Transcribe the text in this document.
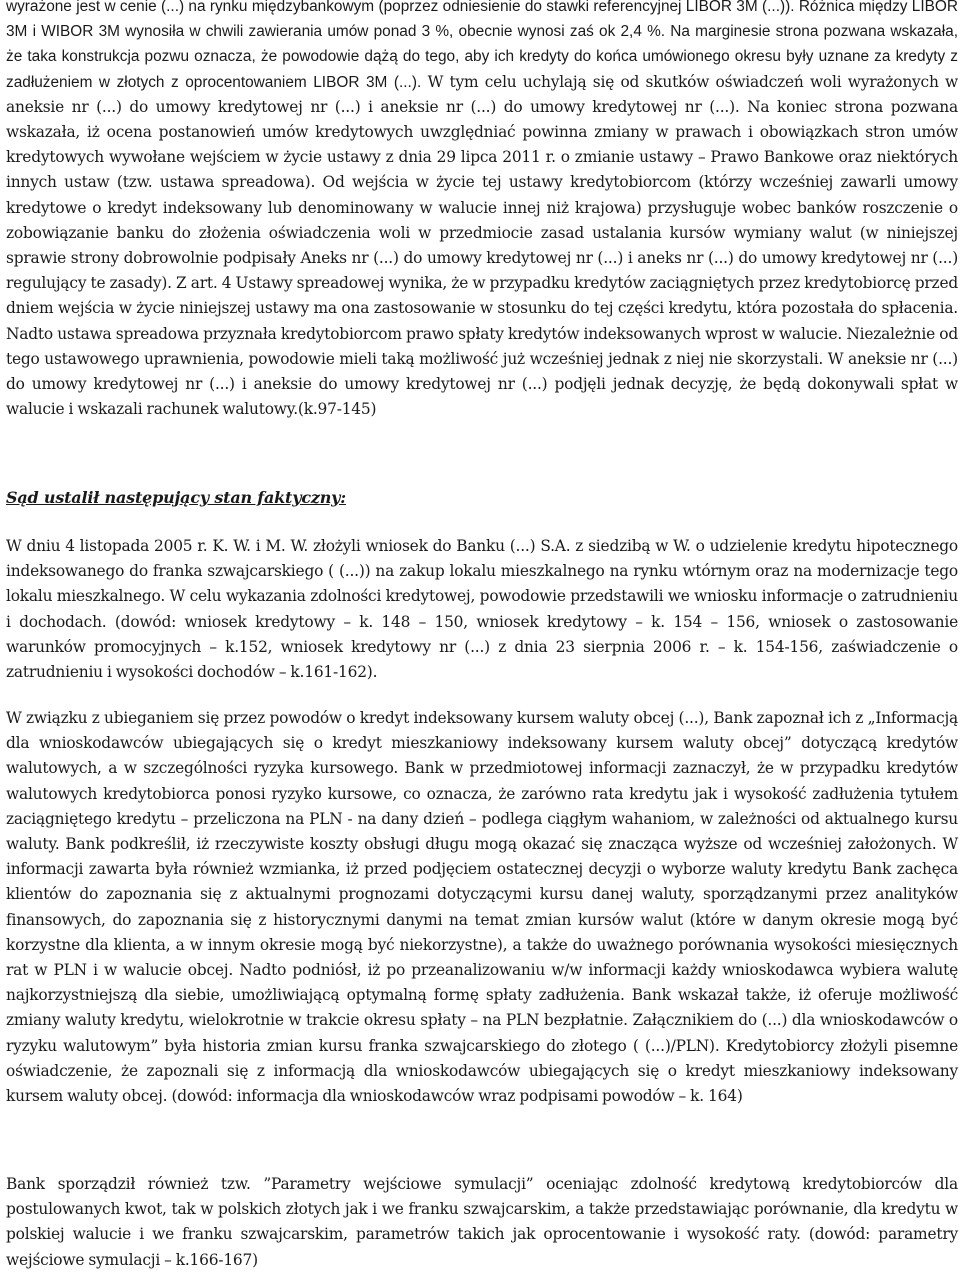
wyrażone jest w cenie (...) na rynku międzybankowym (poprzez odniesienie do stawki referencyjnej LIBOR 3M (...)). Różnica między LIBOR 3M i WIBOR 3M wynosiła w chwili zawierania umów ponad 3 %, obecnie wynosi zaś ok 2,4 %. Na marginesie strona pozwana wskazała, że taka konstrukcja pozwu oznacza, że powodowie dążą do tego, aby ich kredyty do końca umówionego okresu były uznane za kredyty z zadłużeniem w złotych z oprocentowaniem LIBOR 3M (...). W tym celu uchylają się od skutków oświadczeń woli wyrażonych w aneksie nr (...) do umowy kredytowej nr (...) i aneksie nr (...) do umowy kredytowej nr (...). Na koniec strona pozwana wskazała, iż ocena postanowień umów kredytowych uwzględniać powinna zmiany w prawach i obowiązkach stron umów kredytowych wywołane wejściem w życie ustawy z dnia 29 lipca 2011 r. o zmianie ustawy – Prawo Bankowe oraz niektórych innych ustaw (tzw. ustawa spreadowa). Od wejścia w życie tej ustawy kredytobiorcom (którzy wcześniej zawarli umowy kredytowe o kredyt indeksowany lub denominowany w walucie innej niż krajowa) przysługuje wobec banków roszczenie o zobowiązanie banku do złożenia oświadczenia woli w przedmiocie zasad ustalania kursów wymiany walut (w niniejszej sprawie strony dobrowolnie podpisały Aneks nr (...) do umowy kredytowej nr (...) i aneks nr (...) do umowy kredytowej nr (...) regulujący te zasady). Z art. 4 Ustawy spreadowej wynika, że w przypadku kredytów zaciągniętych przez kredytobiorcę przed dniem wejścia w życie niniejszej ustawy ma ona zastosowanie w stosunku do tej części kredytu, która pozostała do spłacenia. Nadto ustawa spreadowa przyznała kredytobiorcom prawo spłaty kredytów indeksowanych wprost w walucie. Niezależnie od tego ustawowego uprawnienia, powodowie mieli taką możliwość już wcześniej jednak z niej nie skorzystali. W aneksie nr (...) do umowy kredytowej nr (...) i aneksie do umowy kredytowej nr (...) podjęli jednak decyzję, że będą dokonywali spłat w walucie i wskazali rachunek walutowy.(k.97-145)

Sąd ustalił następujący stan faktyczny:

W dniu 4 listopada 2005 r. K. W. i M. W. złożyli wniosek do Banku (...) S.A. z siedzibą w W. o udzielenie kredytu hipotecznego indeksowanego do franka szwajcarskiego ( (...)) na zakup lokalu mieszkalnego na rynku wtórnym oraz na modernizacje tego lokalu mieszkalnego. W celu wykazania zdolności kredytowej, powodowie przedstawili we wniosku informacje o zatrudnieniu i dochodach. (dowód: wniosek kredytowy – k. 148 – 150, wniosek kredytowy – k. 154 – 156, wniosek o zastosowanie warunków promocyjnych – k.152, wniosek kredytowy nr (...) z dnia 23 sierpnia 2006 r. – k. 154-156, zaświadczenie o zatrudnieniu i wysokości dochodów – k.161-162).

W związku z ubieganiem się przez powodów o kredyt indeksowany kursem waluty obcej (...), Bank zapoznał ich z „Informacją dla wnioskodawców ubiegających się o kredyt mieszkaniowy indeksowany kursem waluty obcej” dotyczącą kredytów walutowych, a w szczególności ryzyka kursowego. Bank w przedmiotowej informacji zaznaczył, że w przypadku kredytów walutowych kredytobiorca ponosi ryzyko kursowe, co oznacza, że zarówno rata kredytu jak i wysokość zadłużenia tytułem zaciągniętego kredytu – przeliczona na PLN - na dany dzień – podlega ciągłym wahaniom, w zależności od aktualnego kursu waluty. Bank podkreślił, iż rzeczywiste koszty obsługi długu mogą okazać się znacząca wyższe od wcześniej założonych. W informacji zawarta była również wzmianka, iż przed podjęciem ostatecznej decyzji o wyborze waluty kredytu Bank zachęca klientów do zapoznania się z aktualnymi prognozami dotyczącymi kursu danej waluty, sporządzanymi przez analityków finansowych, do zapoznania się z historycznymi danymi na temat zmian kursów walut (które w danym okresie mogą być korzystne dla klienta, a w innym okresie mogą być niekorzystne), a także do uważnego porównania wysokości miesięcznych rat w PLN i w walucie obcej. Nadto podniósł, iż po przeanalizowaniu w/w informacji każdy wnioskodawca wybiera walutę najkorzystniejszą dla siebie, umożliwiającą optymalną formę spłaty zadłużenia. Bank wskazał także, iż oferuje możliwość zmiany waluty kredytu, wielokrotnie w trakcie okresu spłaty – na PLN bezpłatnie. Załącznikiem do (...) dla wnioskodawców o ryzyku walutowym” była historia zmian kursu franka szwajcarskiego do złotego ( (...)/PLN). Kredytobiorcy złożyli pisemne oświadczenie, że zapoznali się z informacją dla wnioskodawców ubiegających się o kredyt mieszkaniowy indeksowany kursem waluty obcej. (dowód: informacja dla wnioskodawców wraz podpisami powodów – k. 164)

Bank sporządził również tzw. ”Parametry wejściowe symulacji” oceniając zdolność kredytową kredytobiorców dla postulowanych kwot, tak w polskich złotych jak i we franku szwajcarskim, a także przedstawiając porównanie, dla kredytu w polskiej walucie i we franku szwajcarskim, parametrów takich jak oprocentowanie i wysokość raty. (dowód: parametry wejściowe symulacji – k.166-167)
